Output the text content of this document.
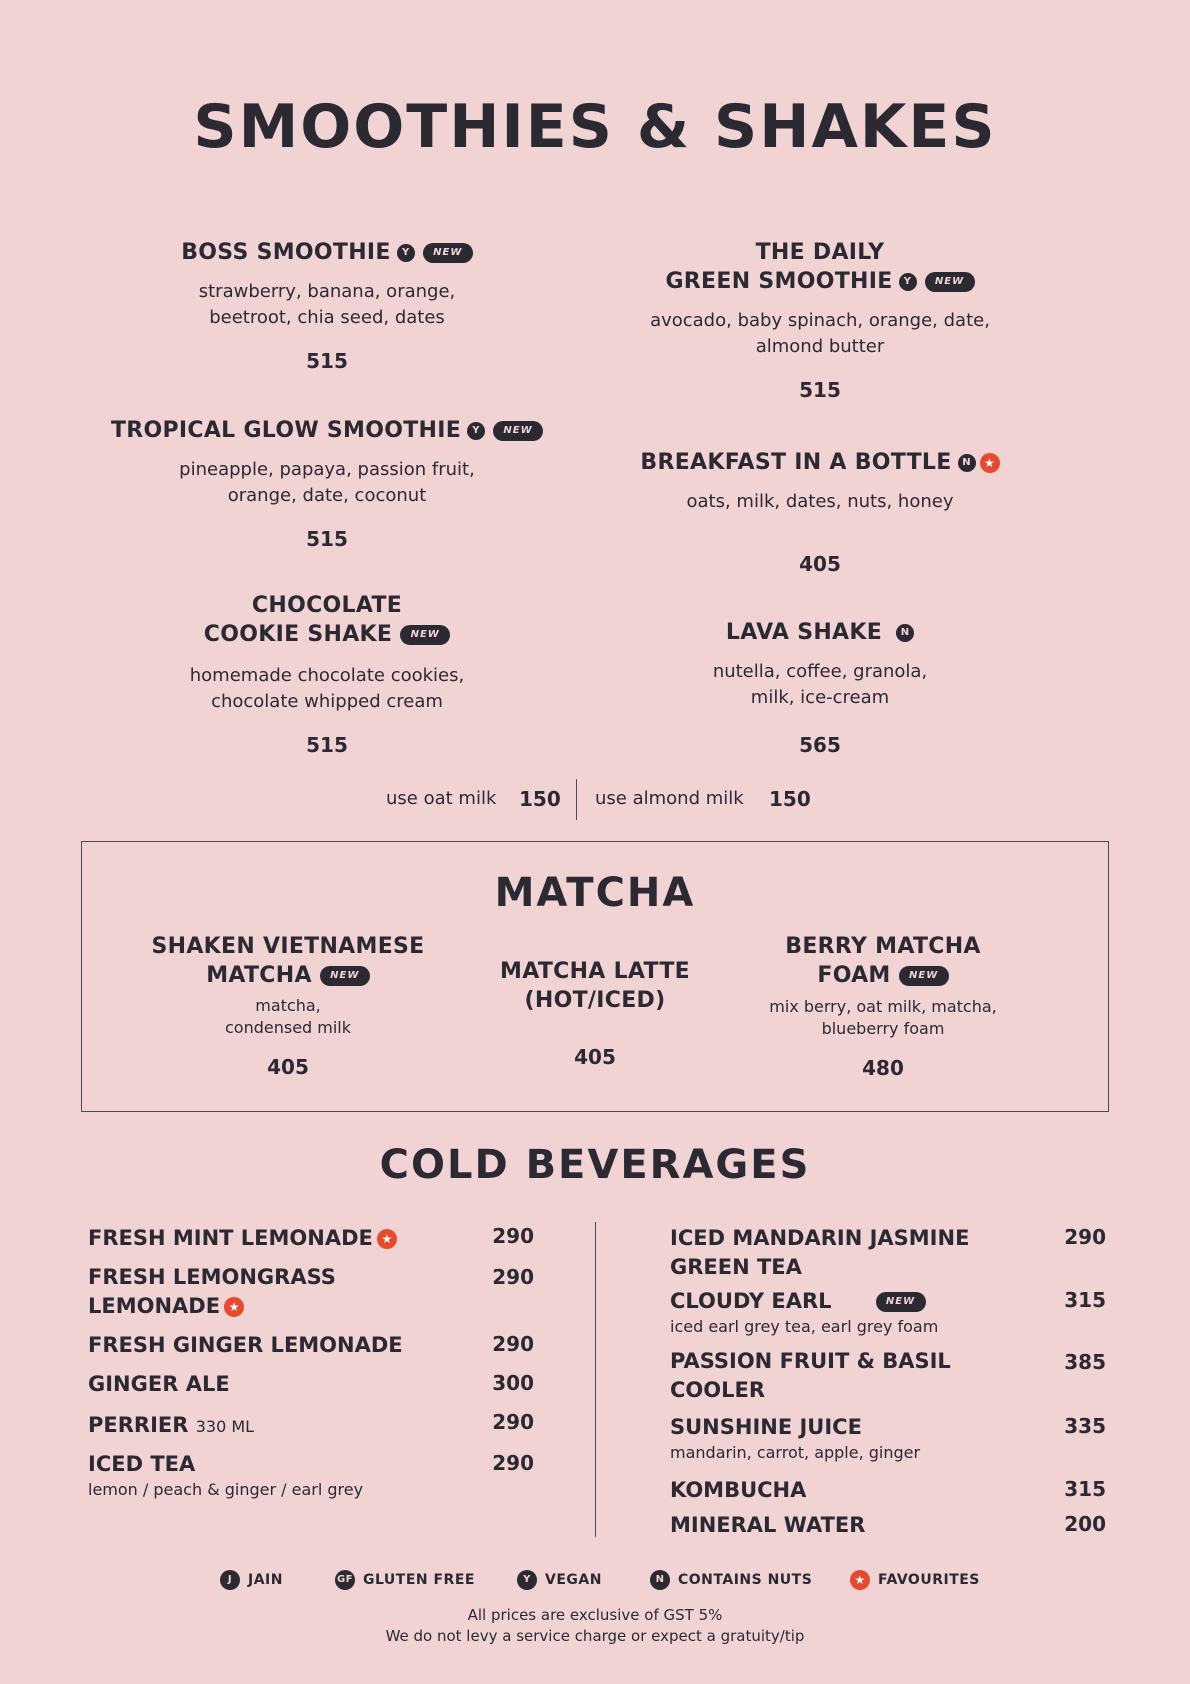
SMOOTHIES & SHAKES
BOSS SMOOTHIE Y NEW
strawberry, banana, orange,
beetroot, chia seed, dates
515
TROPICAL GLOW SMOOTHIE Y NEW
pineapple, papaya, passion fruit,
orange, date, coconut
515
CHOCOLATE
COOKIE SHAKE NEW
homemade chocolate cookies,
chocolate whipped cream
515
THE DAILY
GREEN SMOOTHIE Y NEW
avocado, baby spinach, orange, date,
almond butter
515
BREAKFAST IN A BOTTLE N ★
oats, milk, dates, nuts, honey
405
LAVA SHAKE N
nutella, coffee, granola,
milk, ice-cream
565
use oat milk 150 use almond milk 150
MATCHA
SHAKEN VIETNAMESE
MATCHA NEW
matcha,
condensed milk
405
MATCHA LATTE
(HOT/ICED)
405
BERRY MATCHA
FOAM NEW
mix berry, oat milk, matcha,
blueberry foam
480
COLD BEVERAGES
FRESH MINT LEMONADE ★	290
FRESH LEMONGRASS
LEMONADE ★
290
FRESH GINGER LEMONADE	290
GINGER ALE	300
PERRIER 330 ML	290
ICED TEA
lemon / peach & ginger / earl grey
290
ICED MANDARIN JASMINE
GREEN TEA
290
CLOUDY EARL	NEW
iced earl grey tea, earl grey foam
315
PASSION FRUIT & BASIL
COOLER
385
SUNSHINE JUICE
mandarin, carrot, apple, ginger
335
KOMBUCHA	315
MINERAL WATER	200
J JAIN	GF GLUTEN FREE	Y VEGAN	N CONTAINS NUTS	★ FAVOURITES
All prices are exclusive of GST 5%
We do not levy a service charge or expect a gratuity/tip
